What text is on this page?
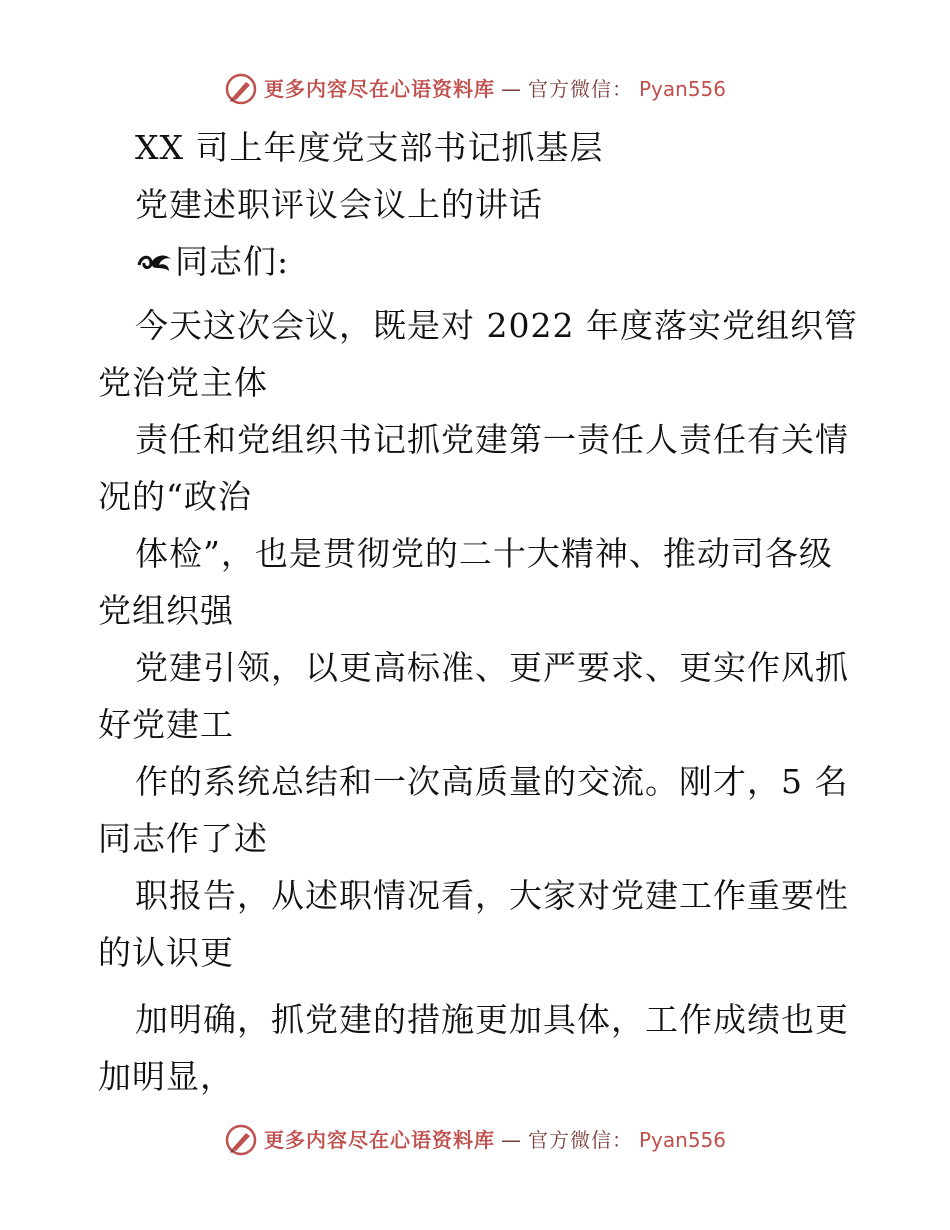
更多内容尽在心语资料库 — 官方微信： Pyan556
XX 司上年度党支部书记抓基层
党建述职评议会议上的讲话
同志们:
今天这次会议，既是对 2022 年度落实党组织管
党治党主体
责任和党组织书记抓党建第一责任人责任有关情
况的“政治
体检”，也是贯彻党的二十大精神、推动司各级
党组织强
党建引领，以更高标准、更严要求、更实作风抓
好党建工
作的系统总结和一次高质量的交流。刚才，5 名
同志作了述
职报告，从述职情况看，大家对党建工作重要性
的认识更
加明确，抓党建的措施更加具体，工作成绩也更
加明显，
更多内容尽在心语资料库 — 官方微信： Pyan556
